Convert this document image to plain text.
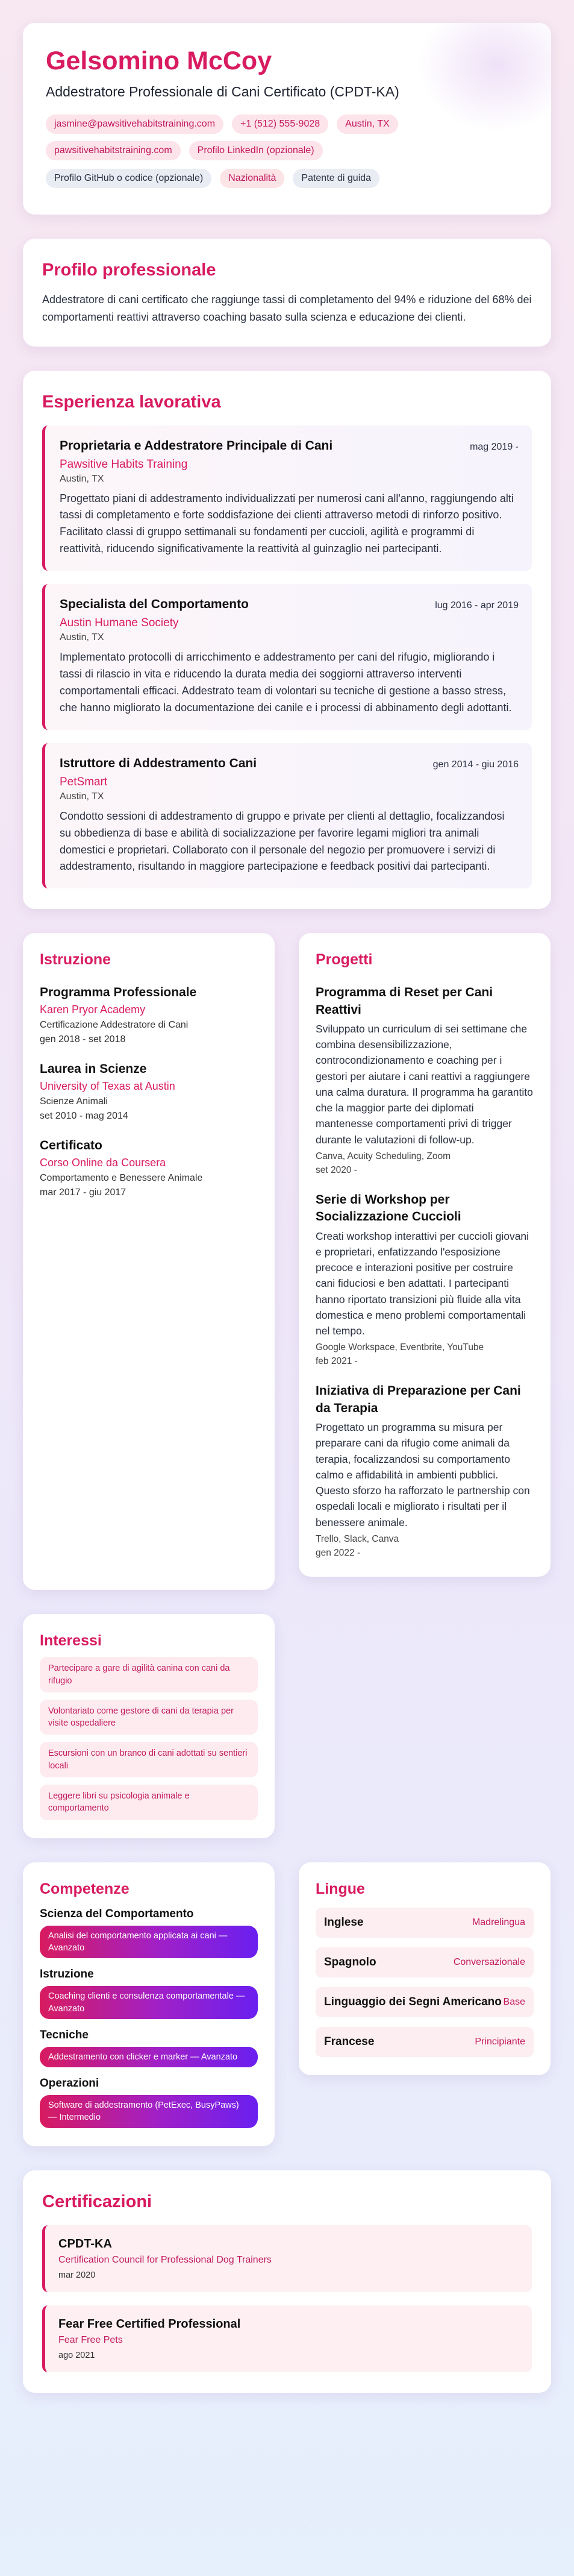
Gelsomino McCoy
Addestratore Professionale di Cani Certificato (CPDT-KA)
jasmine@pawsitivehabitstraining.com	+1 (512) 555-9028	Austin, TX
pawsitivehabitstraining.com	Profilo LinkedIn (opzionale)
Profilo GitHub o codice (opzionale)	Nazionalità	Patente di guida
Profilo professionale
Addestratore di cani certificato che raggiunge tassi di completamento del 94% e riduzione del 68% dei comportamenti reattivi attraverso coaching basato sulla scienza e educazione dei clienti.
Esperienza lavorativa
Proprietaria e Addestratore Principale di Cani	mag 2019 -
Pawsitive Habits Training
Austin, TX
Progettato piani di addestramento individualizzati per numerosi cani all'anno, raggiungendo alti tassi di completamento e forte soddisfazione dei clienti attraverso metodi di rinforzo positivo. Facilitato classi di gruppo settimanali su fondamenti per cuccioli, agilità e programmi di reattività, riducendo significativamente la reattività al guinzaglio nei partecipanti.
Specialista del Comportamento	lug 2016 - apr 2019
Austin Humane Society
Austin, TX
Implementato protocolli di arricchimento e addestramento per cani del rifugio, migliorando i tassi di rilascio in vita e riducendo la durata media dei soggiorni attraverso interventi comportamentali efficaci. Addestrato team di volontari su tecniche di gestione a basso stress, che hanno migliorato la documentazione dei canile e i processi di abbinamento degli adottanti.
Istruttore di Addestramento Cani	gen 2014 - giu 2016
PetSmart
Austin, TX
Condotto sessioni di addestramento di gruppo e private per clienti al dettaglio, focalizzandosi su obbedienza di base e abilità di socializzazione per favorire legami migliori tra animali domestici e proprietari. Collaborato con il personale del negozio per promuovere i servizi di addestramento, risultando in maggiore partecipazione e feedback positivi dai partecipanti.
Istruzione
Programma Professionale
Karen Pryor Academy
Certificazione Addestratore di Cani
gen 2018 - set 2018
Laurea in Scienze
University of Texas at Austin
Scienze Animali
set 2010 - mag 2014
Certificato
Corso Online da Coursera
Comportamento e Benessere Animale
mar 2017 - giu 2017
Progetti
Programma di Reset per Cani Reattivi
Sviluppato un curriculum di sei settimane che combina desensibilizzazione, controcondizionamento e coaching per i gestori per aiutare i cani reattivi a raggiungere una calma duratura. Il programma ha garantito che la maggior parte dei diplomati mantenesse comportamenti privi di trigger durante le valutazioni di follow-up.
Canva, Acuity Scheduling, Zoom
set 2020 -
Serie di Workshop per Socializzazione Cuccioli
Creati workshop interattivi per cuccioli giovani e proprietari, enfatizzando l'esposizione precoce e interazioni positive per costruire cani fiduciosi e ben adattati. I partecipanti hanno riportato transizioni più fluide alla vita domestica e meno problemi comportamentali nel tempo.
Google Workspace, Eventbrite, YouTube
feb 2021 -
Iniziativa di Preparazione per Cani da Terapia
Progettato un programma su misura per preparare cani da rifugio come animali da terapia, focalizzandosi su comportamento calmo e affidabilità in ambienti pubblici. Questo sforzo ha rafforzato le partnership con ospedali locali e migliorato i risultati per il benessere animale.
Trello, Slack, Canva
gen 2022 -
Interessi
Partecipare a gare di agilità canina con cani da rifugio
Volontariato come gestore di cani da terapia per visite ospedaliere
Escursioni con un branco di cani adottati su sentieri locali
Leggere libri su psicologia animale e comportamento
Competenze
Scienza del Comportamento
Analisi del comportamento applicata ai cani — Avanzato
Istruzione
Coaching clienti e consulenza comportamentale — Avanzato
Tecniche
Addestramento con clicker e marker — Avanzato
Operazioni
Software di addestramento (PetExec, BusyPaws) — Intermedio
Lingue
Inglese	Madrelingua
Spagnolo	Conversazionale
Linguaggio dei Segni Americano Base
Francese	Principiante
Certificazioni
CPDT-KA
Certification Council for Professional Dog Trainers
mar 2020
Fear Free Certified Professional
Fear Free Pets
ago 2021
